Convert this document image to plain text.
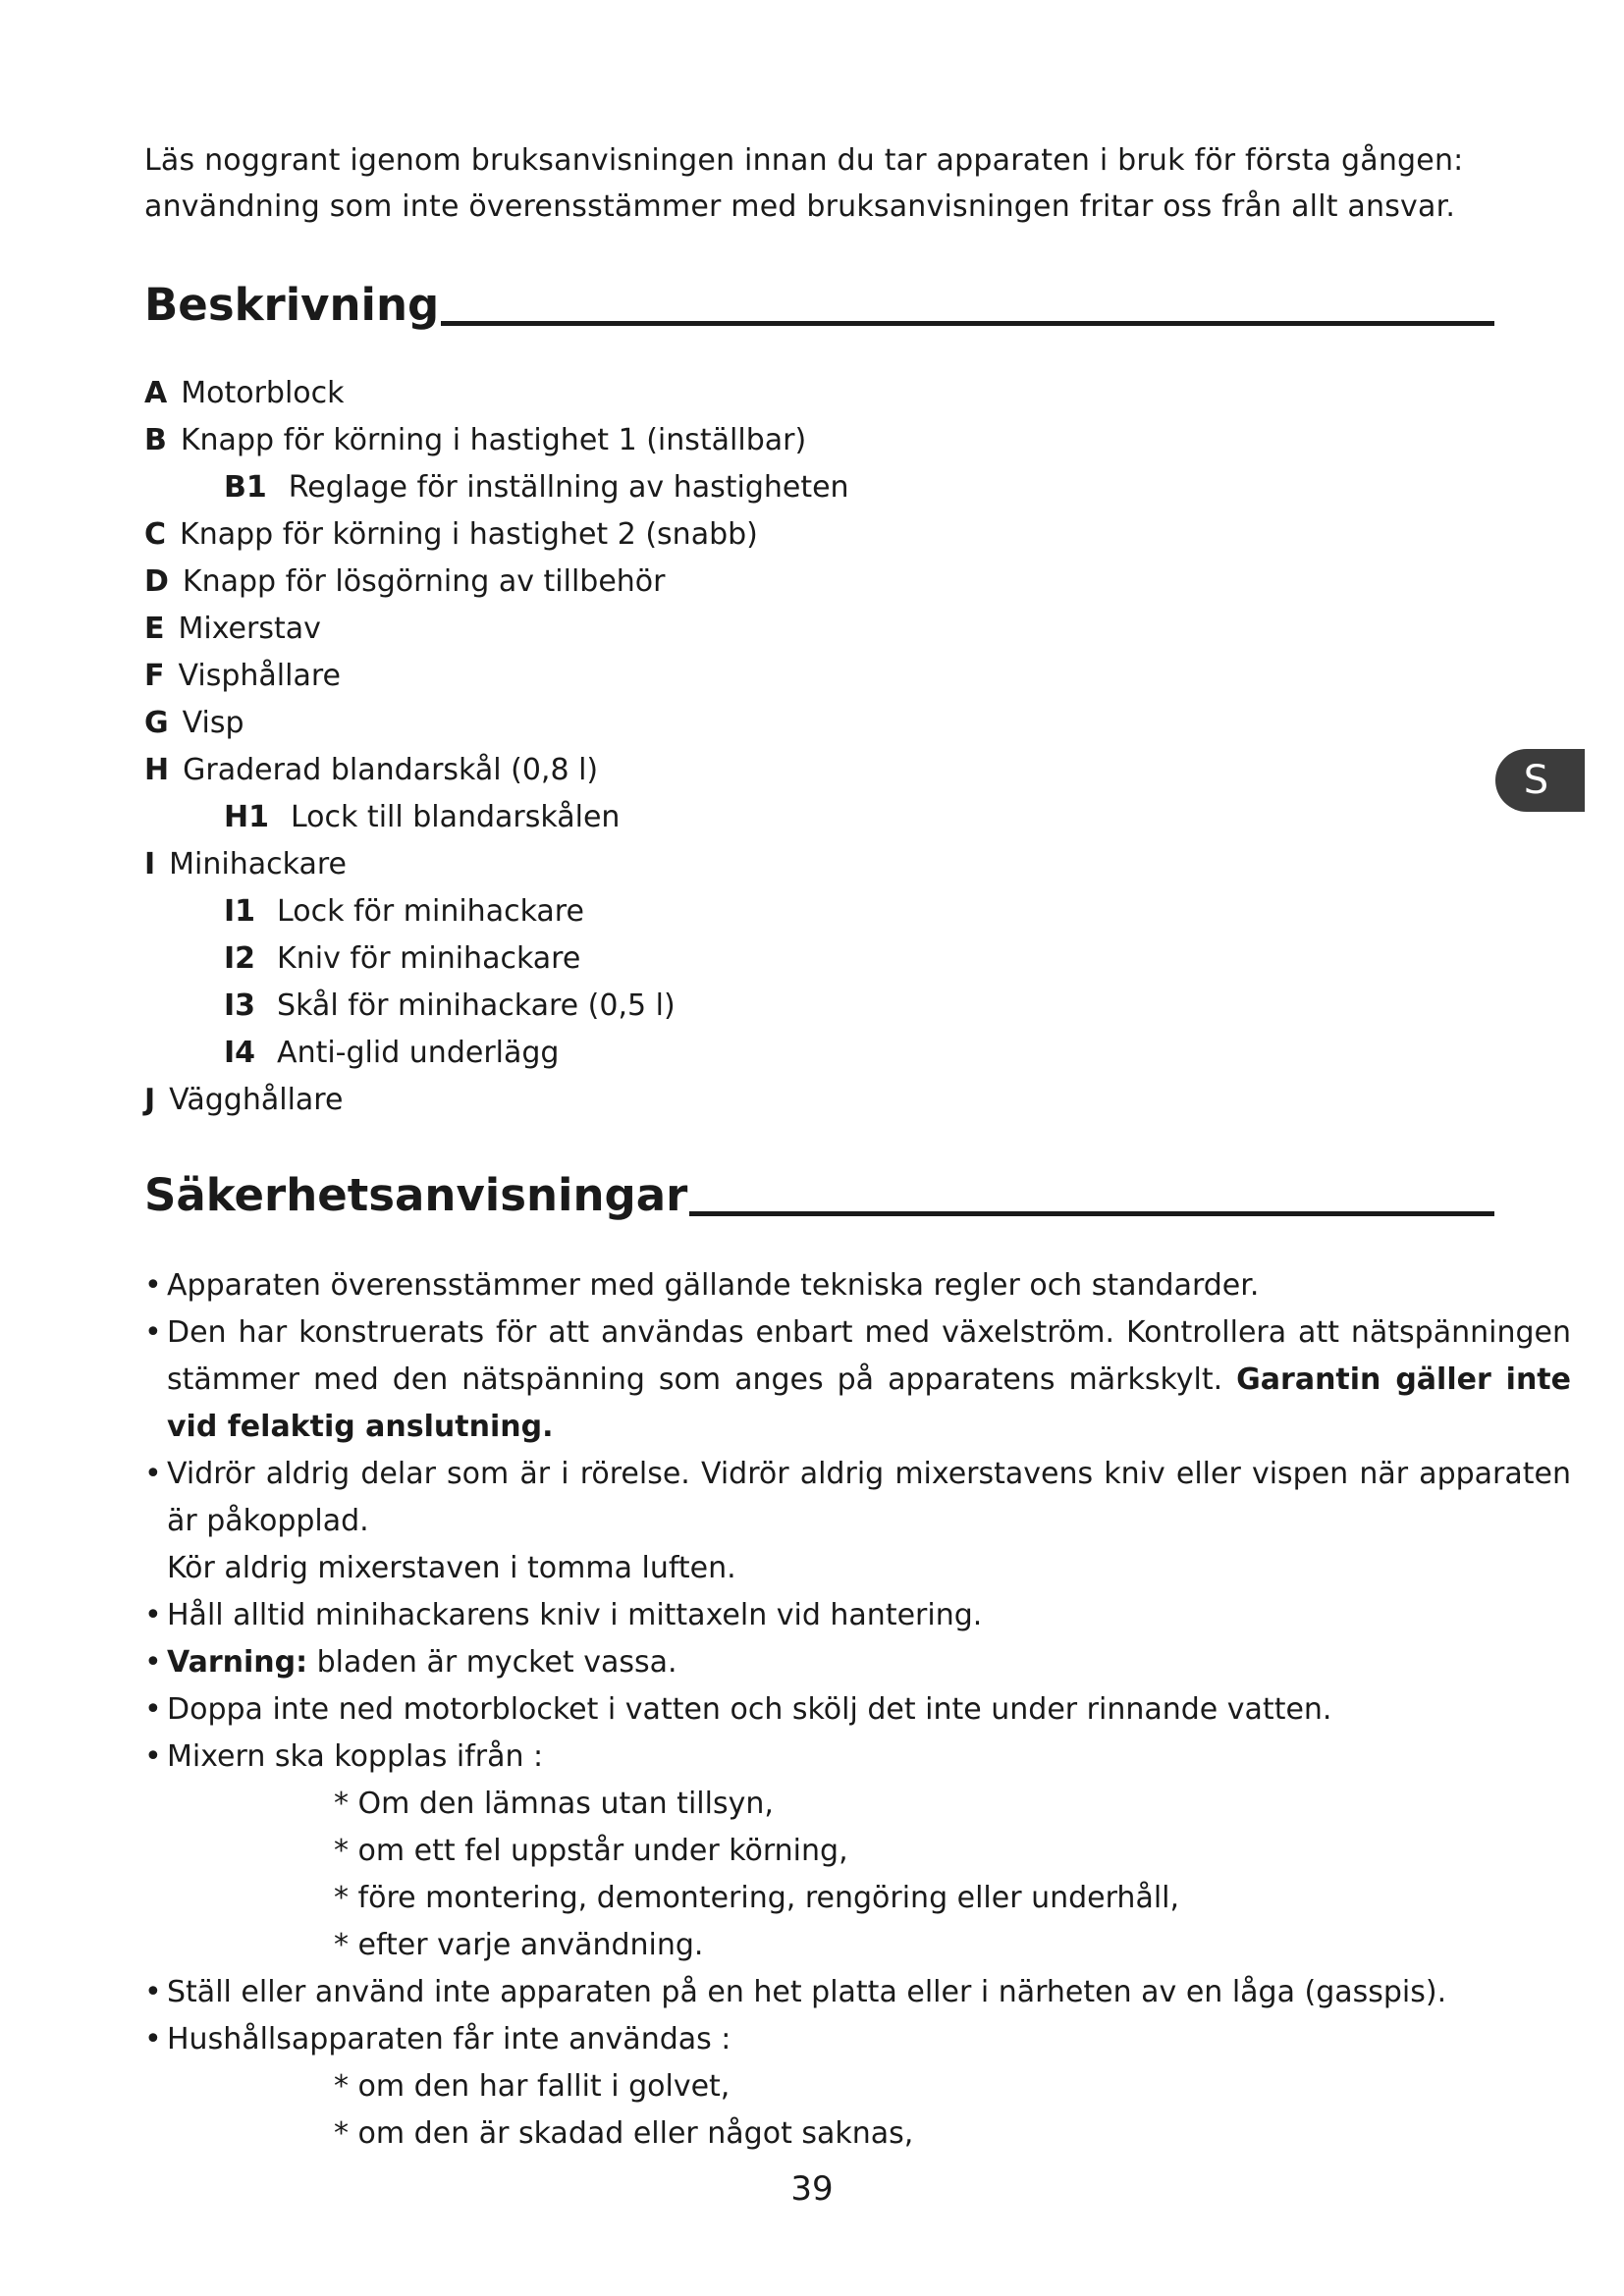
Läs noggrant igenom bruksanvisningen innan du tar apparaten i bruk för första gången:
användning som inte överensstämmer med bruksanvisningen fritar oss från allt ansvar.

Beskrivning
A Motorblock
B Knapp för körning i hastighet 1 (inställbar)
B1 Reglage för inställning av hastigheten
C Knapp för körning i hastighet 2 (snabb)
D Knapp för lösgörning av tillbehör
E Mixerstav
F Visphållare
G Visp
H Graderad blandarskål (0,8 l)
H1 Lock till blandarskålen
I Minihackare
I1 Lock för minihackare
I2 Kniv för minihackare
I3 Skål för minihackare (0,5 l)
I4 Anti-glid underlägg
J Vägghållare
Säkerhetsanvisningar
• Apparaten överensstämmer med gällande tekniska regler och standarder.
• Den har konstruerats för att användas enbart med växelström. Kontrollera att nätspänningen stämmer med den nätspänning som anges på apparatens märkskylt. Garantin gäller inte vid felaktig anslutning.
• Vidrör aldrig delar som är i rörelse. Vidrör aldrig mixerstavens kniv eller vispen när apparaten är påkopplad.
Kör aldrig mixerstaven i tomma luften.
• Håll alltid minihackarens kniv i mittaxeln vid hantering.
• Varning: bladen är mycket vassa.
• Doppa inte ned motorblocket i vatten och skölj det inte under rinnande vatten.
• Mixern ska kopplas ifrån :
* Om den lämnas utan tillsyn,
* om ett fel uppstår under körning,
* före montering, demontering, rengöring eller underhåll,
* efter varje användning.
• Ställ eller använd inte apparaten på en het platta eller i närheten av en låga (gasspis).
• Hushållsapparaten får inte användas :
* om den har fallit i golvet,
* om den är skadad eller något saknas,
S
39
